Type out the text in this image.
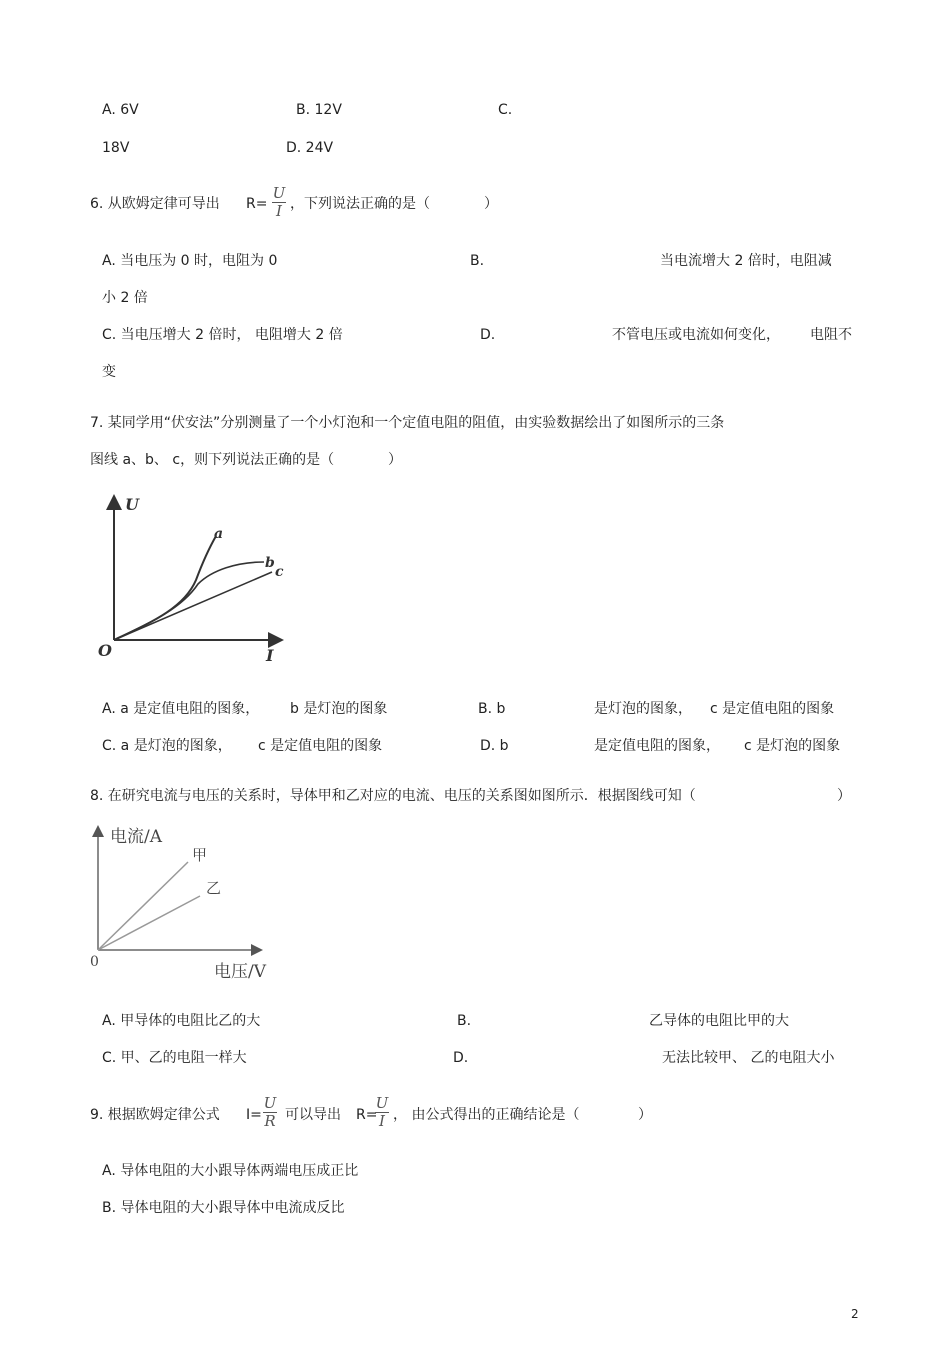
A. 6V	B. 12V	C.
18V	D. 24V
6. 从欧姆定律可导出 R=
U
I ，下列说法正确的是（	）
A. 当电压为 0 时，电阻为 0	B.	当电流增大 2 倍时，电阻减
小 2 倍
C. 当电压增大 2 倍时， 电阻增大 2 倍	D.	不管电压或电流如何变化， 电阻不
变
7. 某同学用“伏安法”分别测量了一个小灯泡和一个定值电阻的阻值，由实验数据绘出了如图所示的三条
图线 a、b、 c，则下列说法正确的是（	）
U
I
O
a
b
c
A. a 是定值电阻的图象， b 是灯泡的图象	B. b	是灯泡的图象， c 是定值电阻的图象
C. a 是灯泡的图象， c 是定值电阻的图象	D. b	是定值电阻的图象， c 是灯泡的图象
8. 在研究电流与电压的关系时，导体甲和乙对应的电流、电压的关系图如图所示．根据图线可知（	）
电流/A
电压/V
0
甲
乙
A. 甲导体的电阻比乙的大	B.	乙导体的电阻比甲的大
C. 甲、乙的电阻一样大	D.	无法比较甲、 乙的电阻大小
9. 根据欧姆定律公式 I=
U
R 可以导出 R=
U
I ， 由公式得出的正确结论是（	）
A. 导体电阻的大小跟导体两端电压成正比
B. 导体电阻的大小跟导体中电流成反比
2
